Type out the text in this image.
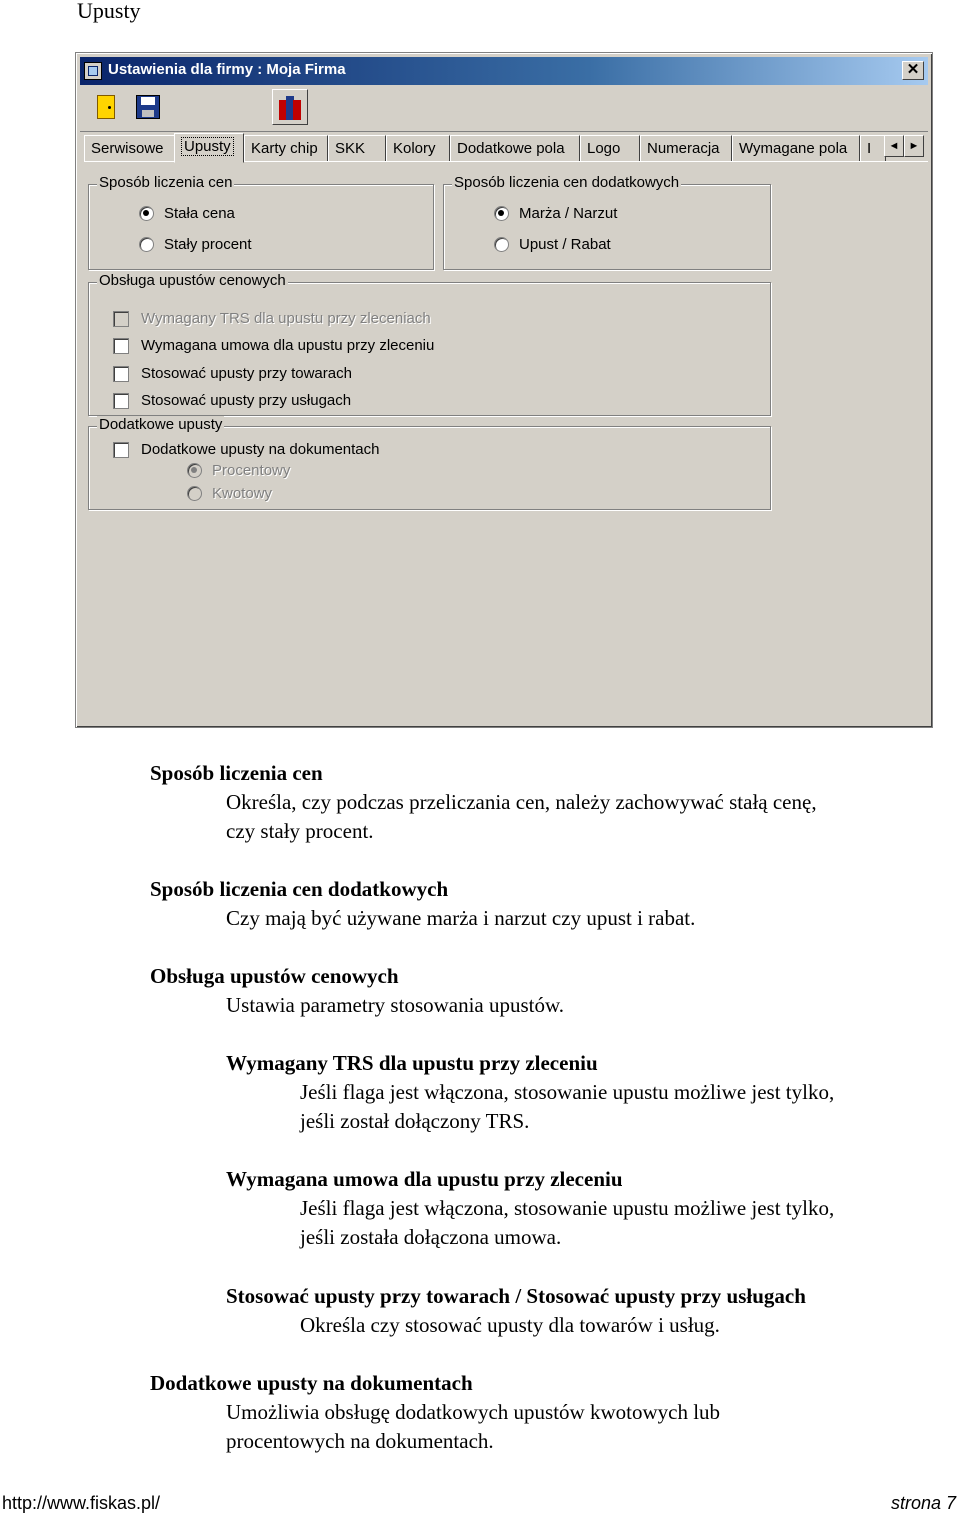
Upusty
Ustawienia dla firmy : Moja Firma	✕
Serwisowe	Upusty	Karty chip	SKK	Kolory	Dodatkowe pola	Logo	Numeracja	Wymagane pola	I	◄ ►
Sposób liczenia cen
Stała cena
Stały procent
Sposób liczenia cen dodatkowych
Marża / Narzut
Upust / Rabat
Obsługa upustów cenowych
Wymagany TRS dla upustu przy zleceniach
Wymagana umowa dla upustu przy zleceniu
Stosować upusty przy towarach
Stosować upusty przy usługach
Dodatkowe upusty
Dodatkowe upusty na dokumentach
Procentowy
Kwotowy
Sposób liczenia cen
Określa, czy podczas przeliczania cen, należy zachowywać stałą cenę,
czy stały procent.
Sposób liczenia cen dodatkowych
Czy mają być używane marża i narzut czy upust i rabat.
Obsługa upustów cenowych
Ustawia parametry stosowania upustów.
Wymagany TRS dla upustu przy zleceniu
Jeśli flaga jest włączona, stosowanie upustu możliwe jest tylko,
jeśli został dołączony TRS.
Wymagana umowa dla upustu przy zleceniu
Jeśli flaga jest włączona, stosowanie upustu możliwe jest tylko,
jeśli została dołączona umowa.
Stosować upusty przy towarach / Stosować upusty przy usługach
Określa czy stosować upusty dla towarów i usług.
Dodatkowe upusty na dokumentach
Umożliwia obsługę dodatkowych upustów kwotowych lub
procentowych na dokumentach.
http://www.fiskas.pl/	strona 7
